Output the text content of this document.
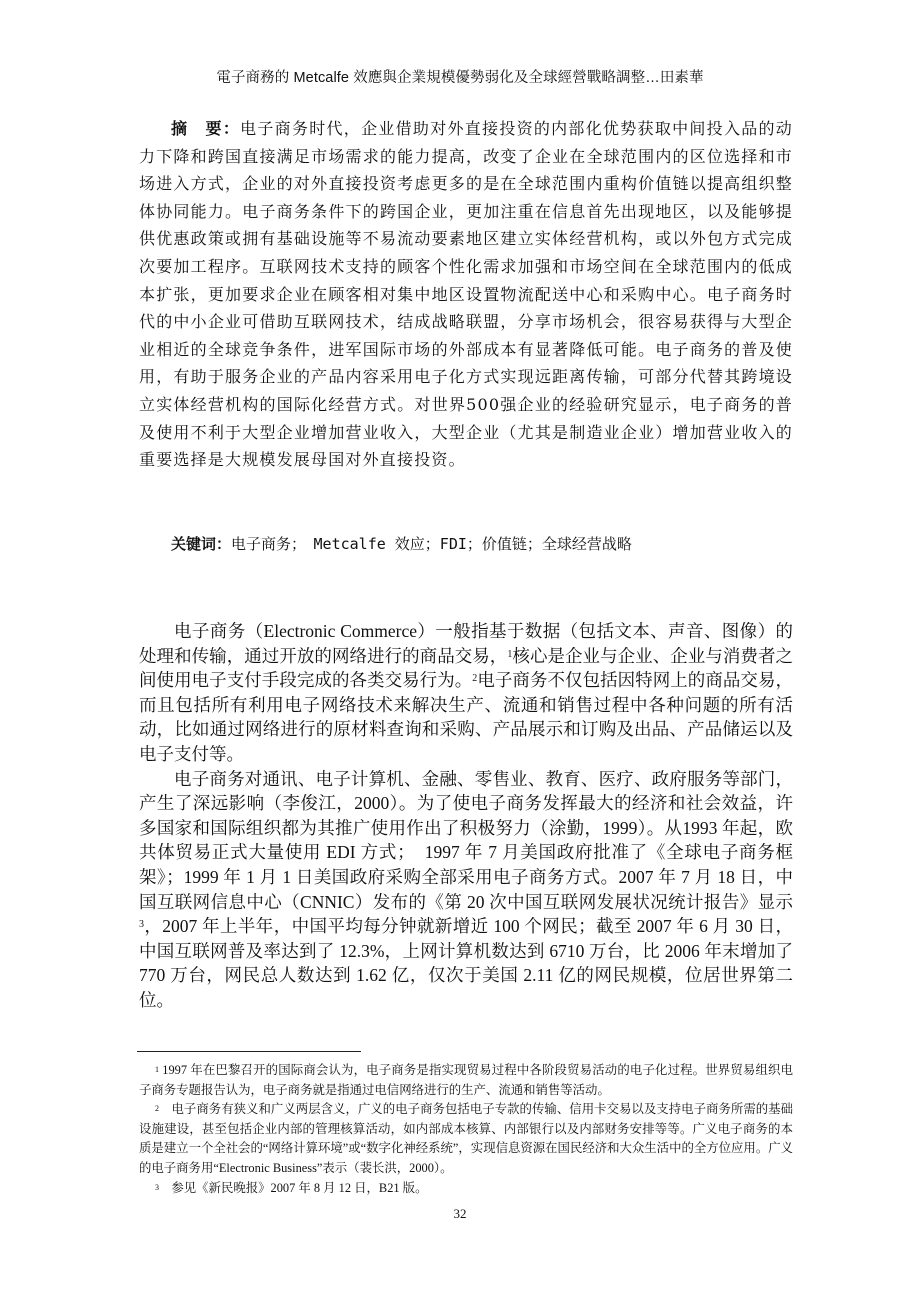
電子商務的 Metcalfe 效應與企業規模優勢弱化及全球經營戰略調整…田素華
摘　要：电子商务时代，企业借助对外直接投资的内部化优势获取中间投入品的动力下降和跨国直接满足市场需求的能力提高，改变了企业在全球范围内的区位选择和市场进入方式，企业的对外直接投资考虑更多的是在全球范围内重构价值链以提高组织整体协同能力。电子商务条件下的跨国企业，更加注重在信息首先出现地区，以及能够提供优惠政策或拥有基础设施等不易流动要素地区建立实体经营机构，或以外包方式完成次要加工程序。互联网技术支持的顾客个性化需求加强和市场空间在全球范围内的低成本扩张，更加要求企业在顾客相对集中地区设置物流配送中心和采购中心。电子商务时代的中小企业可借助互联网技术，结成战略联盟，分享市场机会，很容易获得与大型企业相近的全球竞争条件，进军国际市场的外部成本有显著降低可能。电子商务的普及使用，有助于服务企业的产品内容采用电子化方式实现远距离传输，可部分代替其跨境设立实体经营机构的国际化经营方式。对世界500强企业的经验研究显示，电子商务的普及使用不利于大型企业增加营业收入，大型企业（尤其是制造业企业）增加营业收入的重要选择是大规模发展母国对外直接投资。
关键词：电子商务；　Metcalfe 效应；FDI；价值链；全球经营战略

电子商务（Electronic Commerce）一般指基于数据（包括文本、声音、图像）的处理和传输，通过开放的网络进行的商品交易，$^1$核心是企业与企业、企业与消费者之间使用电子支付手段完成的各类交易行为。$^2$电子商务不仅包括因特网上的商品交易，而且包括所有利用电子网络技术来解决生产、流通和销售过程中各种问题的所有活动，比如通过网络进行的原材料查询和采购、产品展示和订购及出品、产品储运以及电子支付等。

电子商务对通讯、电子计算机、金融、零售业、教育、医疗、政府服务等部门，产生了深远影响（李俊江，2000）。为了使电子商务发挥最大的经济和社会效益，许多国家和国际组织都为其推广使用作出了积极努力（涂勤，1999）。从1993 年起，欧共体贸易正式大量使用 EDI 方式；　1997 年 7 月美国政府批准了《全球电子商务框架》；1999 年 1 月 1 日美国政府采购全部采用电子商务方式。2007 年 7 月 18 日，中国互联网信息中心（CNNIC）发布的《第 20 次中国互联网发展状况统计报告》显示$^3$，2007 年上半年，中国平均每分钟就新增近 100 个网民；截至 2007 年 6 月 30 日，中国互联网普及率达到了 12.3%，上网计算机数达到 6710 万台，比 2006 年末增加了 770 万台，网民总人数达到 1.62 亿，仅次于美国 2.11 亿的网民规模，位居世界第二位。

$^1$ 1997 年在巴黎召开的国际商会认为，电子商务是指实现贸易过程中各阶段贸易活动的电子化过程。世界贸易组织电子商务专题报告认为，电子商务就是指通过电信网络进行的生产、流通和销售等活动。

$^2$　电子商务有狭义和广义两层含义，广义的电子商务包括电子专款的传输、信用卡交易以及支持电子商务所需的基础设施建设，甚至包括企业内部的管理核算活动，如内部成本核算、内部银行以及内部财务安排等等。广义电子商务的本质是建立一个全社会的“网络计算环境”或“数字化神经系统”，实现信息资源在国民经济和大众生活中的全方位应用。广义的电子商务用“Electronic Business”表示（裴长洪，2000）。

$^3$　参见《新民晚报》2007 年 8 月 12 日，B21 版。

32
